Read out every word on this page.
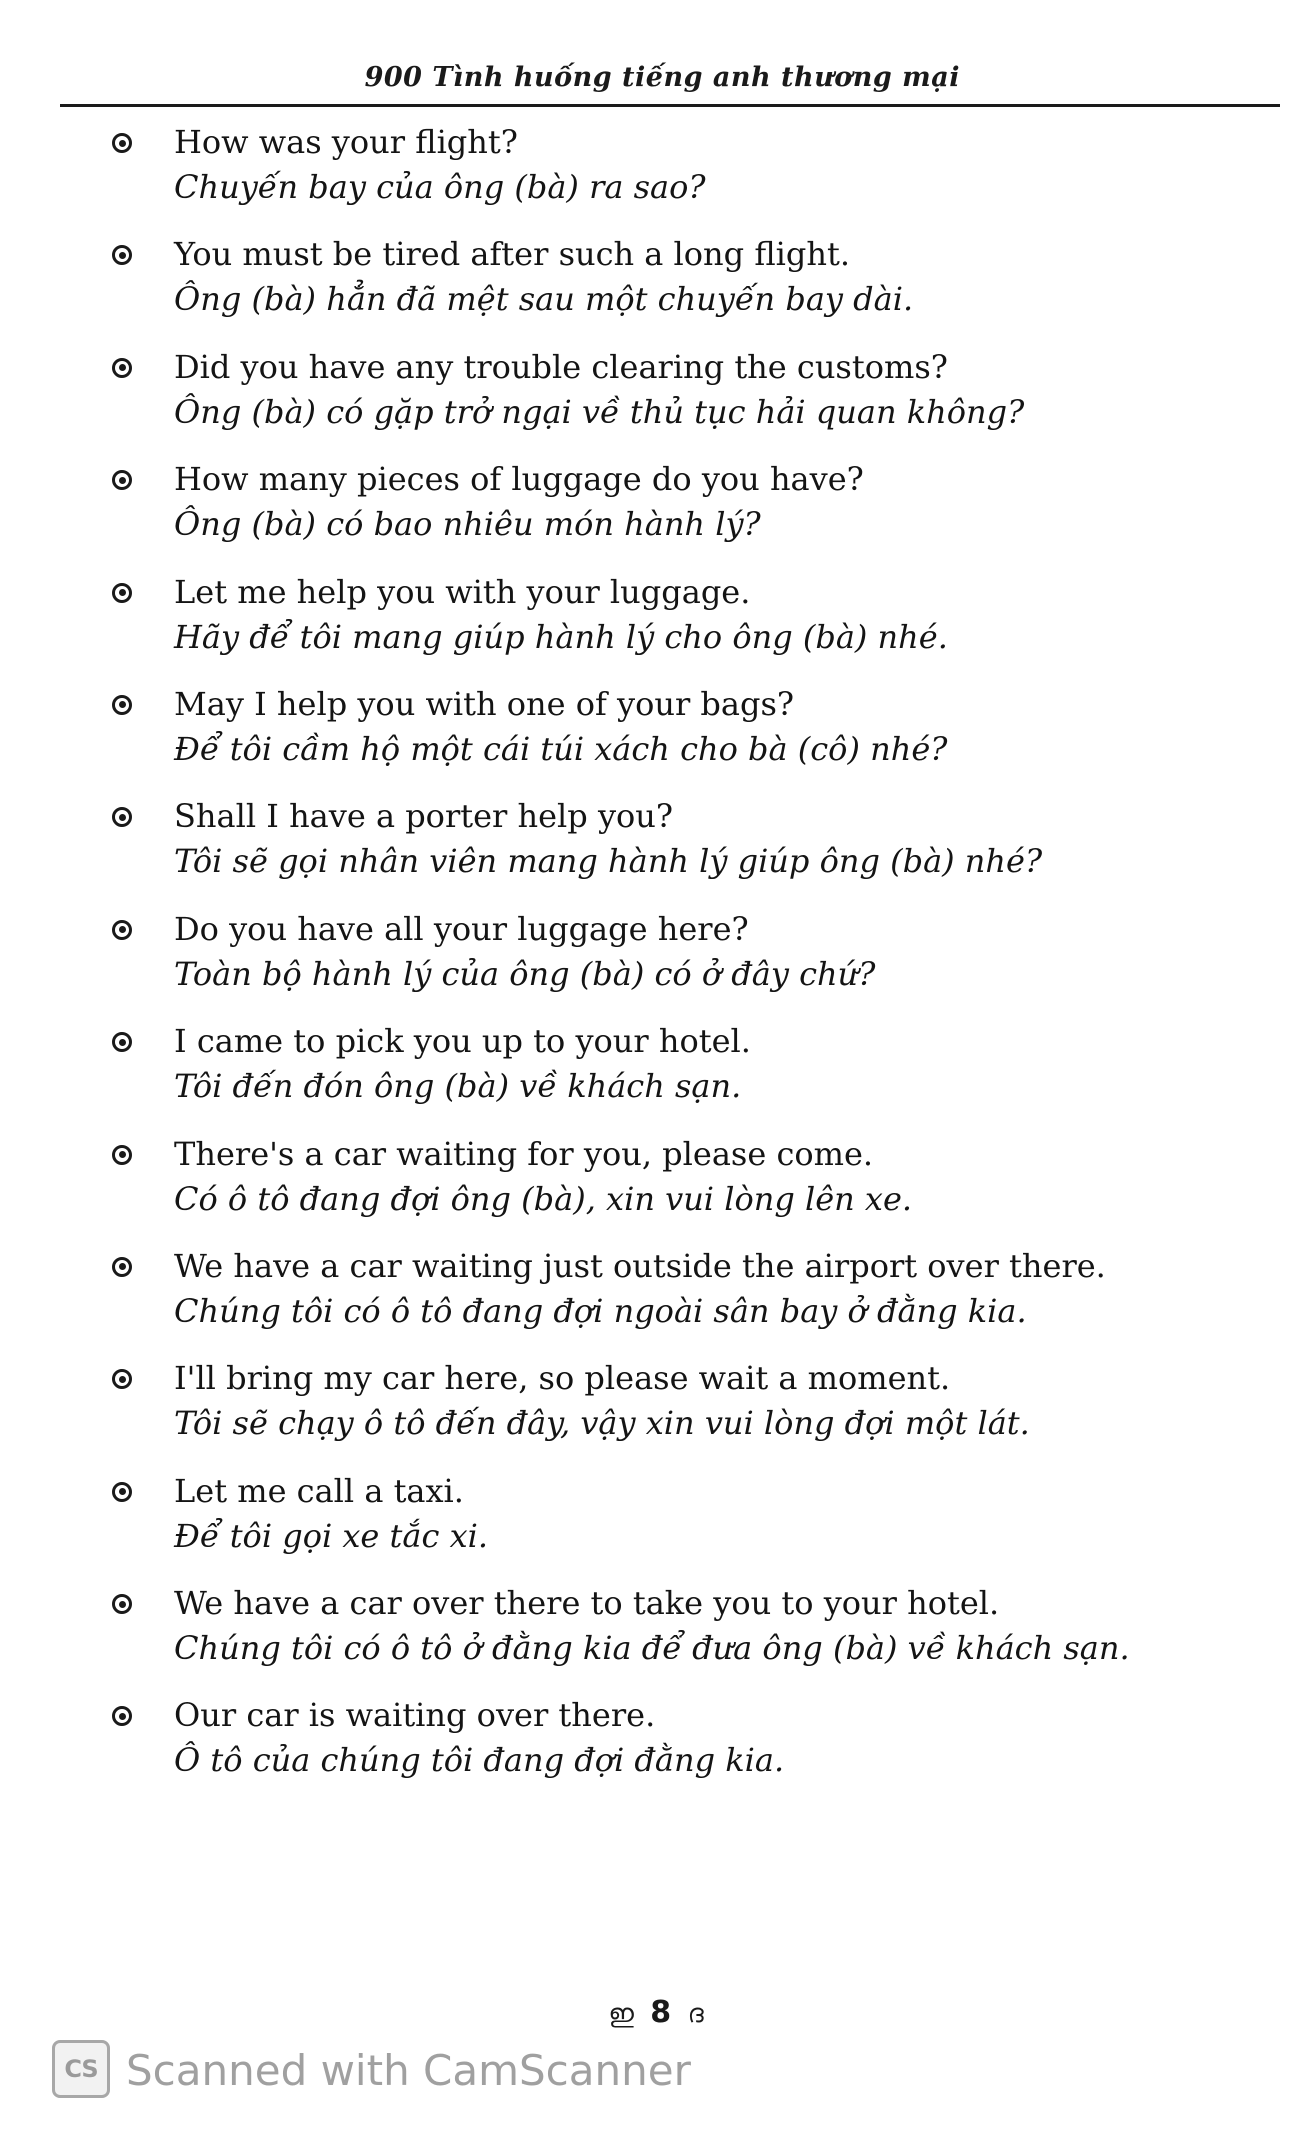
900 Tình huống tiếng anh thương mại
How was your flight?
Chuyến bay của ông (bà) ra sao?
You must be tired after such a long flight.
Ông (bà) hẳn đã mệt sau một chuyến bay dài.
Did you have any trouble clearing the customs?
Ông (bà) có gặp trở ngại về thủ tục hải quan không?
How many pieces of luggage do you have?
Ông (bà) có bao nhiêu món hành lý?
Let me help you with your luggage.
Hãy để tôi mang giúp hành lý cho ông (bà) nhé.
May I help you with one of your bags?
Để tôi cầm hộ một cái túi xách cho bà (cô) nhé?
Shall I have a porter help you?
Tôi sẽ gọi nhân viên mang hành lý giúp ông (bà) nhé?
Do you have all your luggage here?
Toàn bộ hành lý của ông (bà) có ở đây chứ?
I came to pick you up to your hotel.
Tôi đến đón ông (bà) về khách sạn.
There's a car waiting for you, please come.
Có ô tô đang đợi ông (bà), xin vui lòng lên xe.
We have a car waiting just outside the airport over there.
Chúng tôi có ô tô đang đợi ngoài sân bay ở đằng kia.
I'll bring my car here, so please wait a moment.
Tôi sẽ chạy ô tô đến đây, vậy xin vui lòng đợi một lát.
Let me call a taxi.
Để tôi gọi xe tắc xi.
We have a car over there to take you to your hotel.
Chúng tôi có ô tô ở đằng kia để đưa ông (bà) về khách sạn.
Our car is waiting over there.
Ô tô của chúng tôi đang đợi đằng kia.
ഇ 8 ദ
CS Scanned with CamScanner
